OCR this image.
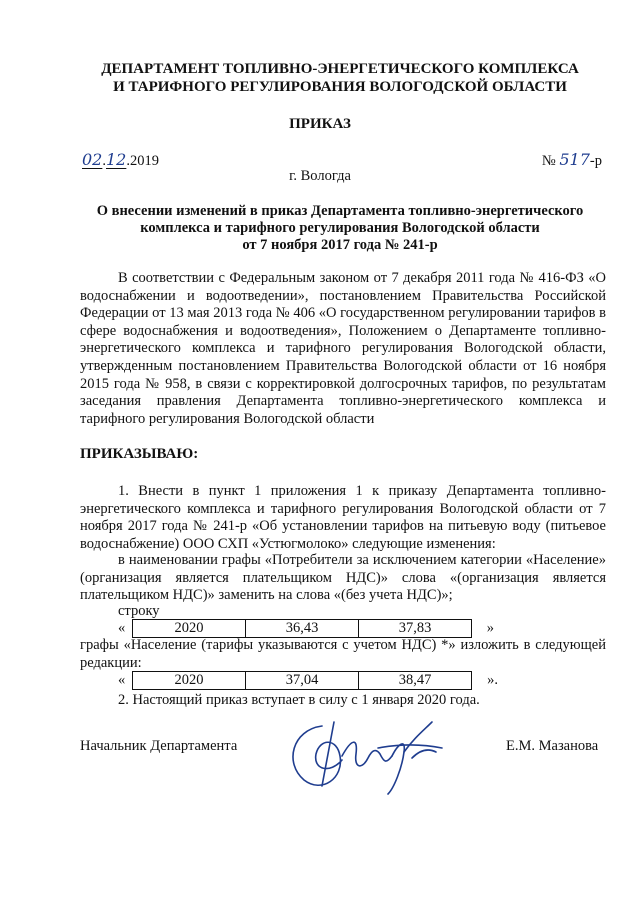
ДЕПАРТАМЕНТ ТОПЛИВНО-ЭНЕРГЕТИЧЕСКОГО КОМПЛЕКСА
И ТАРИФНОГО РЕГУЛИРОВАНИЯ ВОЛОГОДСКОЙ ОБЛАСТИ
ПРИКАЗ
02.12.2019	№ 517-р
г. Вологда
О внесении изменений в приказ Департамента топливно-энергетического
комплекса и тарифного регулирования Вологодской области
от 7 ноября 2017 года № 241-р
В соответствии с Федеральным законом от 7 декабря 2011 года № 416-ФЗ «О водоснабжении и водоотведении», постановлением Правительства Российской Федерации от 13 мая 2013 года № 406 «О государственном регулировании тарифов в сфере водоснабжения и водоотведения», Положением о Департаменте топливно-энергетического комплекса и тарифного регулирования Вологодской области, утвержденным постановлением Правительства Вологодской области от 16 ноября 2015 года № 958, в связи с корректировкой долгосрочных тарифов, по результатам заседания правления Департамента топливно-энергетического комплекса и тарифного регулирования Вологодской области
ПРИКАЗЫВАЮ:
1. Внести в пункт 1 приложения 1 к приказу Департамента топливно-энергетического комплекса и тарифного регулирования Вологодской области от 7 ноября 2017 года № 241-р «Об установлении тарифов на питьевую воду (питьевое водоснабжение) ООО СХП «Устюгмолоко» следующие изменения:
в наименовании графы «Потребители за исключением категории «Население» (организация является плательщиком НДС)» слова «(организация является плательщиком НДС)» заменить на слова «(без учета НДС)»;
строку
«	2020	36,43	37,83	»
графы «Население (тарифы указываются с учетом НДС) *» изложить в следующей редакции:
«	2020	37,04	38,47	».
2. Настоящий приказ вступает в силу с 1 января 2020 года.
Начальник Департамента	Е.М. Мазанова
